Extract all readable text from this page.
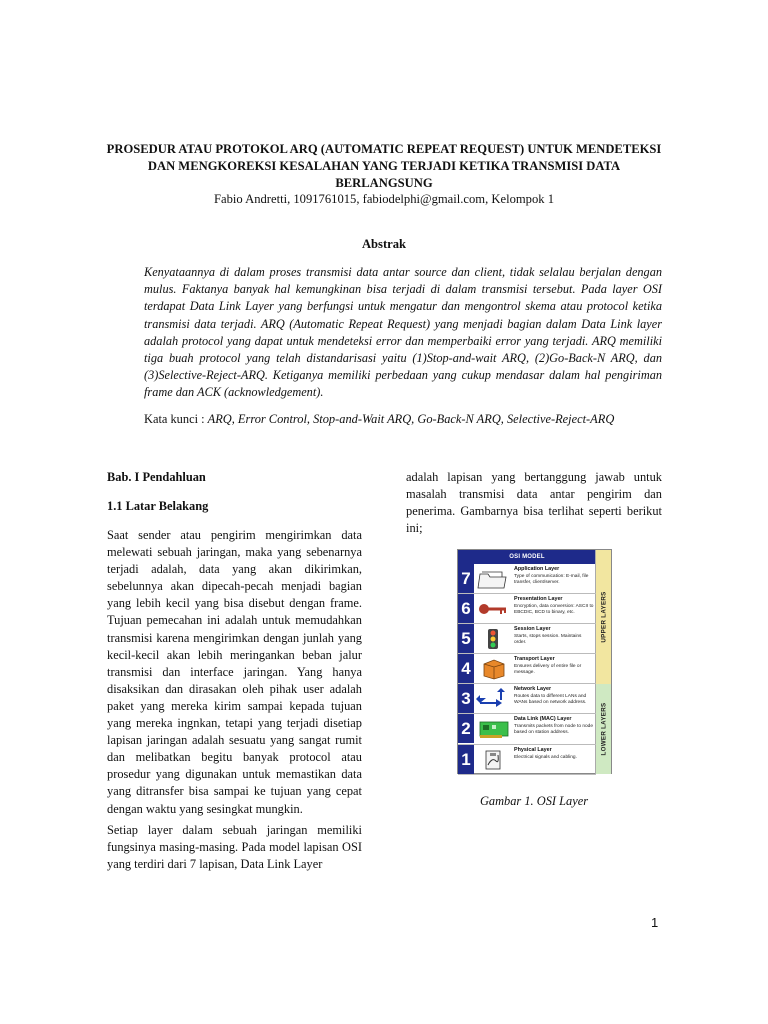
PROSEDUR ATAU PROTOKOL ARQ (AUTOMATIC REPEAT REQUEST) UNTUK MENDETEKSI DAN MENGKOREKSI KESALAHAN YANG TERJADI KETIKA TRANSMISI DATA BERLANGSUNG
Fabio Andretti, 1091761015, fabiodelphi@gmail.com, Kelompok 1
Abstrak
Kenyataannya di dalam proses transmisi data antar source dan client, tidak selalau berjalan dengan mulus. Faktanya banyak hal kemungkinan bisa terjadi di dalam transmisi tersebut. Pada layer OSI terdapat Data Link Layer yang berfungsi untuk mengatur dan mengontrol skema atau protocol ketika transmisi data terjadi. ARQ (Automatic Repeat Request) yang menjadi bagian dalam Data Link layer adalah protocol yang dapat untuk mendeteksi error dan memperbaiki error yang terjadi. ARQ memiliki tiga buah protocol yang telah distandarisasi yaitu (1)Stop-and-wait ARQ, (2)Go-Back-N ARQ, dan (3)Selective-Reject-ARQ. Ketiganya memiliki perbedaan yang cukup mendasar dalam hal pengiriman frame dan ACK (acknowledgement).
Kata kunci : ARQ, Error Control, Stop-and-Wait ARQ, Go-Back-N ARQ, Selective-Reject-ARQ
Bab. I Pendahluan
1.1 Latar Belakang
Saat sender atau pengirim mengirimkan data melewati sebuah jaringan, maka yang sebenarnya terjadi adalah, data yang akan dikirimkan, sebelunnya akan dipecah-pecah menjadi bagian yang lebih kecil yang bisa disebut dengan frame. Tujuan pemecahan ini adalah untuk memudahkan transmisi karena mengirimkan dengan junlah yang kecil-kecil akan lebih meringankan beban jalur transmisi dan interface jaringan. Yang hanya disaksikan dan dirasakan oleh pihak user adalah paket yang mereka kirim sampai kepada tujuan yang mereka ingnkan, tetapi yang terjadi disetiap lapisan jaringan adalah sesuatu yang sangat rumit dan melibatkan begitu banyak protocol atau prosedur yang digunakan untuk memastikan data yang ditransfer bisa sampai ke tujuan yang cepat dengan waktu yang sesingkat mungkin.
Setiap layer dalam sebuah jaringan memiliki fungsinya masing-masing. Pada model lapisan OSI yang terdiri dari 7 lapisan, Data Link Layer
adalah lapisan yang bertanggung jawab untuk masalah transmisi data antar pengirim dan penerima. Gambarnya bisa terlihat seperti berikut ini;
OSI MODEL
UPPER LAYERS
LOWER LAYERS
7	Application Layer
Type of communication: E-mail, file transfer, client/server.
6	Presentation Layer
Encryption, data conversion: ASCII to EBCDIC, BCD to binary, etc.
5	Session Layer
Starts, stops session. Maintains order.
4	Transport Layer
Ensures delivery of entire file or message.
3	Network Layer
Routes data to different LANs and WANs based on network address.
2	Data Link (MAC) Layer
Transmits packets from node to node based on station address.
1	Physical Layer
Electrical signals and cabling.
Gambar 1. OSI Layer
1
